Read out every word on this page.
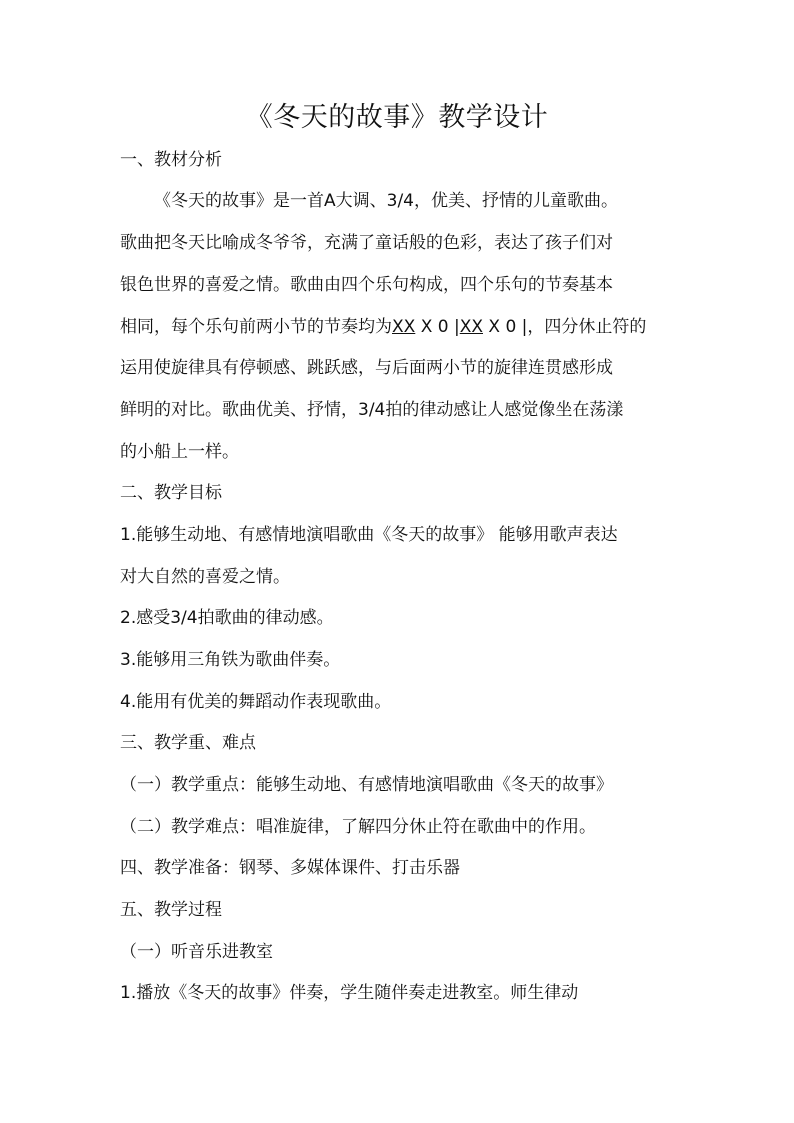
《冬天的故事》教学设计
一、教材分析
《冬天的故事》是一首A大调、3/4，优美、抒情的儿童歌曲。
歌曲把冬天比喻成冬爷爷，充满了童话般的色彩，表达了孩子们对
银色世界的喜爱之情。歌曲由四个乐句构成，四个乐句的节奏基本
相同，每个乐句前两小节的节奏均为XX X 0 |XX X 0 |，四分休止符的
运用使旋律具有停顿感、跳跃感，与后面两小节的旋律连贯感形成
鲜明的对比。歌曲优美、抒情，3/4拍的律动感让人感觉像坐在荡漾
的小船上一样。
二、教学目标
1.能够生动地、有感情地演唱歌曲《冬天的故事》 能够用歌声表达
对大自然的喜爱之情。
2.感受3/4拍歌曲的律动感。
3.能够用三角铁为歌曲伴奏。
4.能用有优美的舞蹈动作表现歌曲。
三、教学重、难点
（一）教学重点：能够生动地、有感情地演唱歌曲《冬天的故事》
（二）教学难点：唱准旋律，了解四分休止符在歌曲中的作用。
四、教学准备：钢琴、多媒体课件、打击乐器
五、教学过程
（一）听音乐进教室
1.播放《冬天的故事》伴奏，学生随伴奏走进教室。师生律动
